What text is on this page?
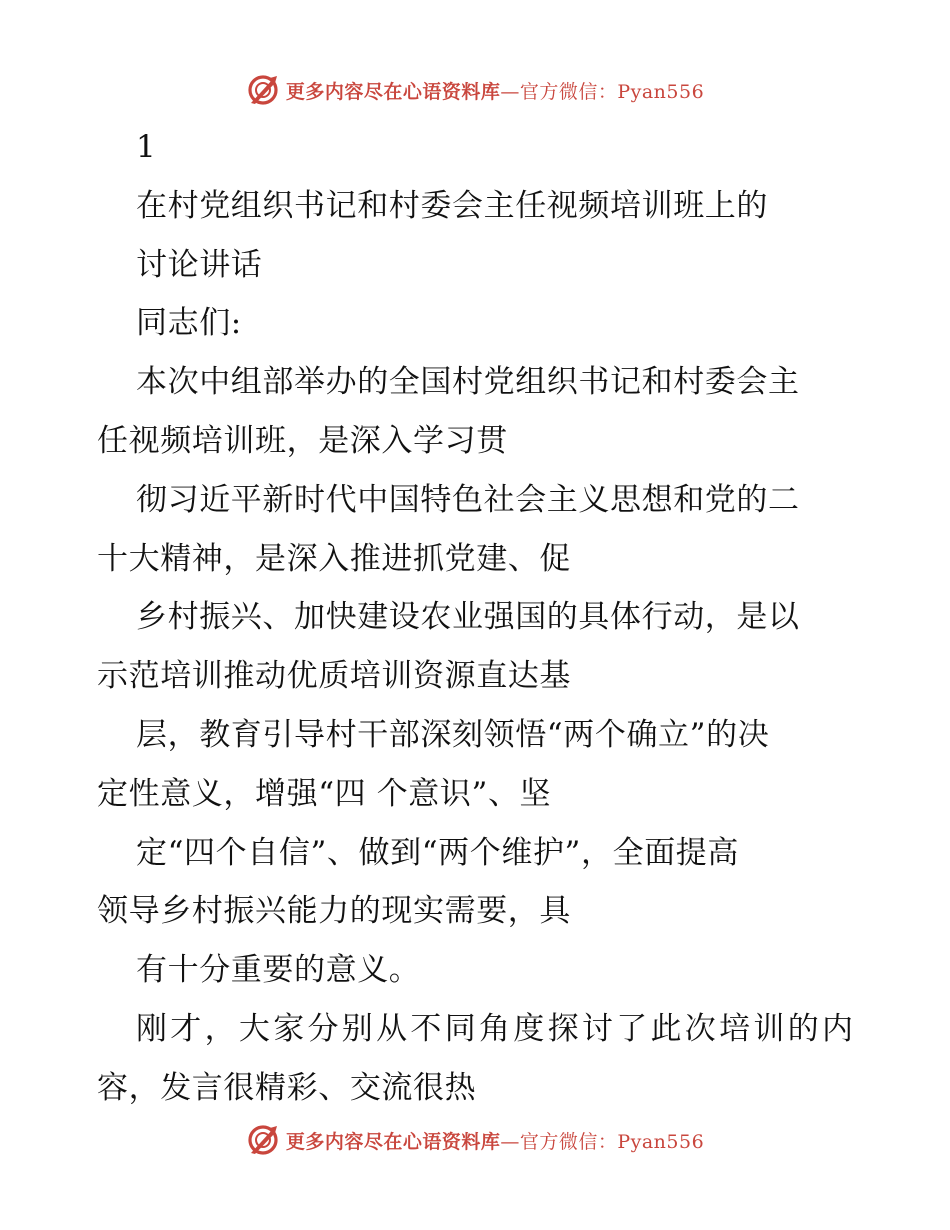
更多内容尽在心语资料库—官方微信：Pyan556
1
在村党组织书记和村委会主任视频培训班上的
讨论讲话
同志们:
本次中组部举办的全国村党组织书记和村委会主
任视频培训班，是深入学习贯
彻习近平新时代中国特色社会主义思想和党的二
十大精神，是深入推进抓党建、促
乡村振兴、加快建设农业强国的具体行动，是以
示范培训推动优质培训资源直达基
层，教育引导村干部深刻领悟“两个确立”的决
定性意义，增强“四 个意识”、坚
定“四个自信”、做到“两个维护”，全面提高
领导乡村振兴能力的现实需要，具
有十分重要的意义。
刚才，大家分别从不同角度探讨了此次培训的内
容，发言很精彩、交流很热
更多内容尽在心语资料库—官方微信：Pyan556
